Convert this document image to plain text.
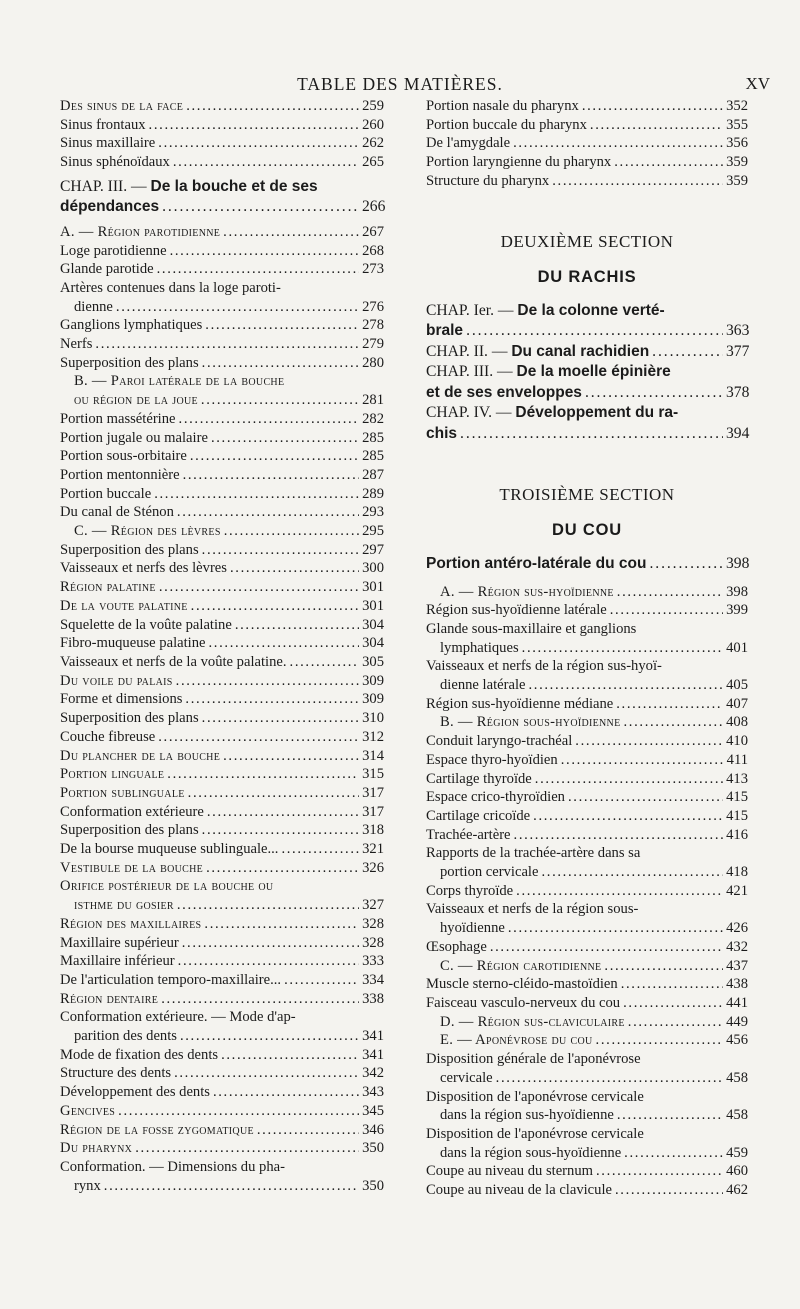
TABLE DES MATIÈRES.	XV
Des sinus de la face . . .	259
Sinus frontaux . . .	260
Sinus maxillaire . . .	262
Sinus sphénoïdaux . . .	265
CHAP. III. — De la bouche et de ses
dépendances . . .	266
A. — Région parotidienne . . .	267
Loge parotidienne . . .	268
Glande parotide . . .	273
Artères contenues dans la loge paroti-
dienne . . .	276
Ganglions lymphatiques . . .	278
Nerfs . . .	279
Superposition des plans . . .	280
B. — Paroi latérale de la bouche
ou région de la joue . . .	281
Portion massétérine . . .	282
Portion jugale ou malaire . . .	285
Portion sous-orbitaire . . .	285
Portion mentonnière . . .	287
Portion buccale . . .	289
Du canal de Sténon . . .	293
C. — Région des lèvres . . .	295
Superposition des plans . . .	297
Vaisseaux et nerfs des lèvres . . .	300
Région palatine . . .	301
De la voute palatine . . .	301
Squelette de la voûte palatine . . .	304
Fibro-muqueuse palatine . . .	304
Vaisseaux et nerfs de la voûte palatine. . . .	305
Du voile du palais . . .	309
Forme et dimensions . . .	309
Superposition des plans . . .	310
Couche fibreuse . . .	312
Du plancher de la bouche . . .	314
Portion linguale . . .	315
Portion sublinguale . . .	317
Conformation extérieure . . .	317
Superposition des plans . . .	318
De la bourse muqueuse sublinguale... . . .	321
Vestibule de la bouche . . .	326
Orifice postérieur de la bouche ou
isthme du gosier . . .	327
Région des maxillaires . . .	328
Maxillaire supérieur . . .	328
Maxillaire inférieur . . .	333
De l'articulation temporo-maxillaire... . . .	334
Région dentaire . . .	338
Conformation extérieure. — Mode d'ap-
parition des dents . . .	341
Mode de fixation des dents . . .	341
Structure des dents . . .	342
Développement des dents . . .	343
Gencives . . .	345
Région de la fosse zygomatique . . .	346
Du pharynx . . .	350
Conformation. — Dimensions du pha-
rynx . . .	350
Portion nasale du pharynx . . .	352
Portion buccale du pharynx . . .	355
De l'amygdale . . .	356
Portion laryngienne du pharynx . . .	359
Structure du pharynx . . .	359
DEUXIÈME SECTION
DU RACHIS
CHAP. Ier. — De la colonne verté-
brale . . .	363
CHAP. II. — Du canal rachidien . . .	377
CHAP. III. — De la moelle épinière
et de ses enveloppes . . .	378
CHAP. IV. — Développement du ra-
chis . . .	394
TROISIÈME SECTION
DU COU
Portion antéro-latérale du cou . . .	398
A. — Région sus-hyoïdienne . . .	398
Région sus-hyoïdienne latérale . . .	399
Glande sous-maxillaire et ganglions
lymphatiques . . .	401
Vaisseaux et nerfs de la région sus-hyoï-
dienne latérale . . .	405
Région sus-hyoïdienne médiane . . .	407
B. — Région sous-hyoïdienne . . .	408
Conduit laryngo-trachéal . . .	410
Espace thyro-hyoïdien . . .	411
Cartilage thyroïde . . .	413
Espace crico-thyroïdien . . .	415
Cartilage cricoïde . . .	415
Trachée-artère . . .	416
Rapports de la trachée-artère dans sa
portion cervicale . . .	418
Corps thyroïde . . .	421
Vaisseaux et nerfs de la région sous-
hyoïdienne . . .	426
Œsophage . . .	432
C. — Région carotidienne . . .	437
Muscle sterno-cléido-mastoïdien . . .	438
Faisceau vasculo-nerveux du cou . . .	441
D. — Région sus-claviculaire . . .	449
E. — Aponévrose du cou . . .	456
Disposition générale de l'aponévrose
cervicale . . .	458
Disposition de l'aponévrose cervicale
dans la région sus-hyoïdienne . . .	458
Disposition de l'aponévrose cervicale
dans la région sous-hyoïdienne . . .	459
Coupe au niveau du sternum . . .	460
Coupe au niveau de la clavicule . . .	462
